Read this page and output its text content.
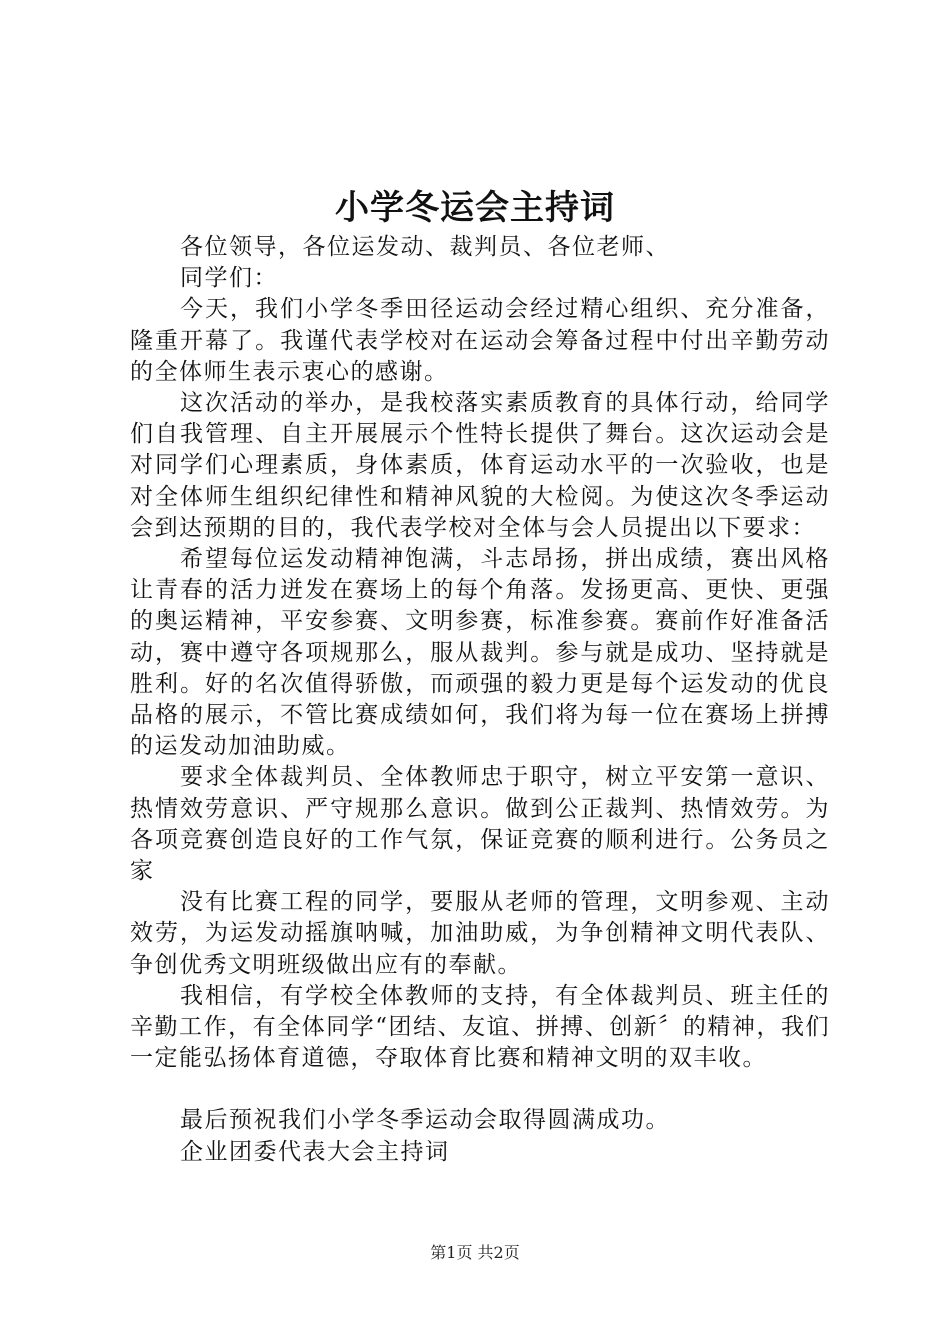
小学冬运会主持词

各位领导，各位运发动、裁判员、各位老师、

同学们：

今天，我们小学冬季田径运动会经过精心组织、充分准备，隆重开幕了。我谨代表学校对在运动会筹备过程中付出辛勤劳动的全体师生表示衷心的感谢。

这次活动的举办，是我校落实素质教育的具体行动，给同学们自我管理、自主开展展示个性特长提供了舞台。这次运动会是对同学们心理素质，身体素质，体育运动水平的一次验收，也是对全体师生组织纪律性和精神风貌的大检阅。为使这次冬季运动会到达预期的目的，我代表学校对全体与会人员提出以下要求：

希望每位运发动精神饱满，斗志昂扬，拼出成绩，赛出风格让青春的活力迸发在赛场上的每个角落。发扬更高、更快、更强的奥运精神，平安参赛、文明参赛，标准参赛。赛前作好准备活动，赛中遵守各项规那么，服从裁判。参与就是成功、坚持就是胜利。好的名次值得骄傲，而顽强的毅力更是每个运发动的优良品格的展示，不管比赛成绩如何，我们将为每一位在赛场上拼搏的运发动加油助威。

要求全体裁判员、全体教师忠于职守，树立平安第一意识、热情效劳意识、严守规那么意识。做到公正裁判、热情效劳。为各项竞赛创造良好的工作气氛，保证竞赛的顺利进行。公务员之家

没有比赛工程的同学，要服从老师的管理，文明参观、主动效劳，为运发动摇旗呐喊，加油助威，为争创精神文明代表队、争创优秀文明班级做出应有的奉献。

我相信，有学校全体教师的支持，有全体裁判员、班主任的辛勤工作，有全体同学“团结、友谊、拼搏、创新〞的精神，我们一定能弘扬体育道德，夺取体育比赛和精神文明的双丰收。

最后预祝我们小学冬季运动会取得圆满成功。

企业团委代表大会主持词

第1页 共2页
